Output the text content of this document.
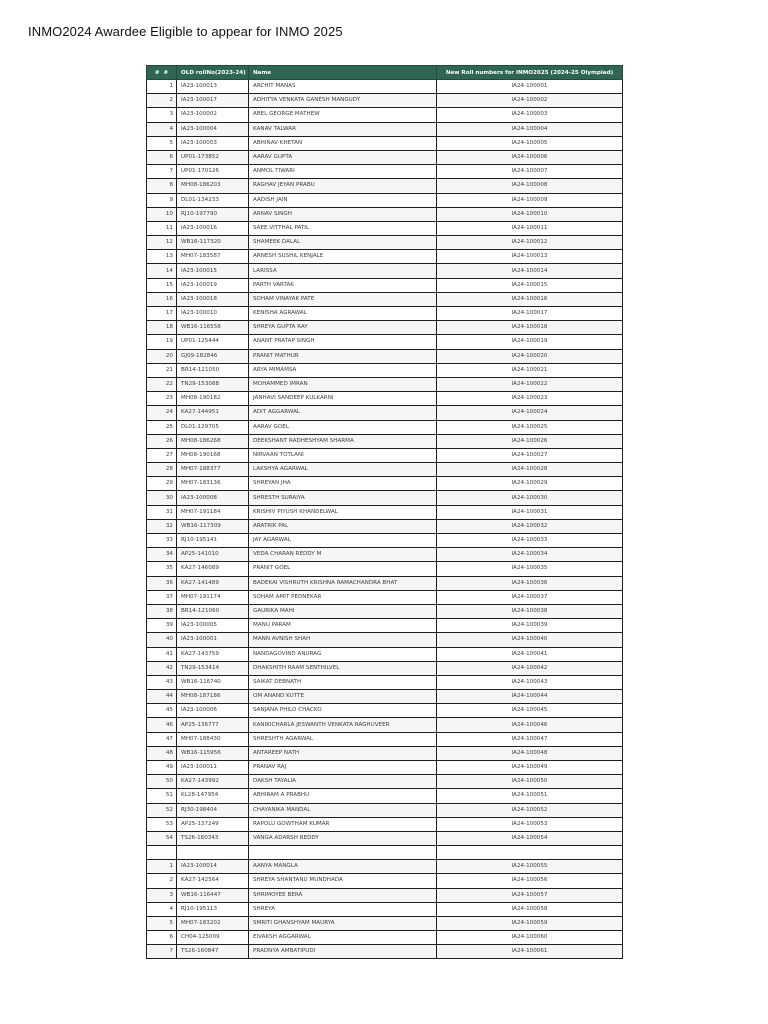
INMO2024 Awardee Eligible to appear for INMO 2025
# #	OLD rollNo(2023-24)	Name	New Roll numbers for INMO2025 (2024-25 Olympiad)
1	IA23-100013	ARCHIT MANAS	IA24-100001
2	IA23-100017	ADHITYA VENKATA GANESH MANGUDY	IA24-100002
3	IA23-100002	ABEL GEORGE MATHEW	IA24-100003
4	IA23-100004	KANAV TALWAR	IA24-100004
5	IA23-100003	ABHINAV KHETAN	IA24-100005
6	UP01-173852	AARAV GUPTA	IA24-100006
7	UP01-170126	ANMOL TIWARI	IA24-100007
8	MH08-186203	RAGHAV JEYAN PRABU	IA24-100008
9	DL01-134233	AADISH JAIN	IA24-100009
10	RJ10-197790	ARNAV SINGH	IA24-100010
11	IA23-100016	SAEE VITTHAL PATIL	IA24-100011
12	WB16-117320	SHAMEEK DALAL	IA24-100012
13	MH07-183587	ARNESH SUSHIL KENJALE	IA24-100013
14	IA23-100015	LARISSA	IA24-100014
15	IA23-100019	PARTH VARTAK	IA24-100015
16	IA23-100018	SOHAM VINAYAK PATE	IA24-100016
17	IA23-100010	KENISHA AGRAWAL	IA24-100017
18	WB16-116558	SHREYA GUPTA RAY	IA24-100018
19	UP01-125444	ANANT PRATAP SINGH	IA24-100019
20	GJ09-182846	PRANIT MATHUR	IA24-100020
21	BR14-121050	ARYA MIMAMSA	IA24-100021
22	TN29-153088	MOHAMMED IMRAN	IA24-100022
23	MH08-190182	JANHAVI SANDEEP KULKARNI	IA24-100023
24	KA27-144951	ADIT AGGARWAL	IA24-100024
25	DL01-129705	AARAV GOEL	IA24-100025
26	MH08-186268	DEEKSHANT RADHESHYAM SHARMA	IA24-100026
27	MH08-190168	NIRVAAN TOTLANI	IA24-100027
28	MH07-188377	LAKSHYA AGARWAL	IA24-100028
29	MH07-183136	SHREYAN JHA	IA24-100029
30	IA23-100008	SHRESTH SURAIYA	IA24-100030
31	MH07-191184	KRISHIV PIYUSH KHANDELWAL	IA24-100031
32	WB16-117309	ARATRIK PAL	IA24-100032
33	RJ10-195141	JAY AGARWAL	IA24-100033
34	AP25-141010	VEDA CHARAN REDDY M	IA24-100034
35	KA27-146089	PRANIT GOEL	IA24-100035
36	KA27-141489	BADEKAI VISHRUTH KRISHNA RAMACHANDRA BHAT	IA24-100036
37	MH07-191174	SOHAM AMIT PEDNEKAR	IA24-100037
38	BR14-121060	GAURIKA MAHI	IA24-100038
39	IA23-100005	MANU PARAM	IA24-100039
40	IA23-100001	MANN AVNISH SHAH	IA24-100040
41	KA27-143759	NANDAGOVIND ANURAG	IA24-100041
42	TN29-153414	DHAKSHITH RAAM SENTHILVEL	IA24-100042
43	WB16-116740	SAIKAT DEBNATH	IA24-100043
44	MH08-187186	OM ANAND KUTTE	IA24-100044
45	IA23-100006	SANJANA PHILO CHACKO	IA24-100045
46	AP25-136777	KANIKICHARLA JESWANTH VENKATA RAGHUVEER	IA24-100046
47	MH07-188430	SHRESHTH AGARWAL	IA24-100047
48	WB16-115956	ANTAREEP NATH	IA24-100048
49	IA23-100011	PRANAV RAJ	IA24-100049
50	KA27-143992	DAKSH TAYALIA	IA24-100050
51	KL28-147954	ABHIRAM A PRABHU	IA24-100051
52	RJ30-198404	CHAYANIKA MANDAL	IA24-100052
53	AP25-137249	RAPOLU GOWTHAM KUMAR	IA24-100053
54	TS26-160343	VANGA ADARSH REDDY	IA24-100054

1	IA23-100014	AANYA MANGLA	IA24-100055
2	KA27-142564	SHREYA SHANTANU MUNDHADA	IA24-100056
3	WB16-116447	SHRIMOYEE BERA	IA24-100057
4	RJ10-195113	SHREYA	IA24-100058
5	MH07-183202	SMRITI GHANSHYAM MAURYA	IA24-100059
6	CH04-125009	EIVAKSH AGGARWAL	IA24-100060
7	TS26-160847	PRADNYA AMBATIPUDI	IA24-100061
